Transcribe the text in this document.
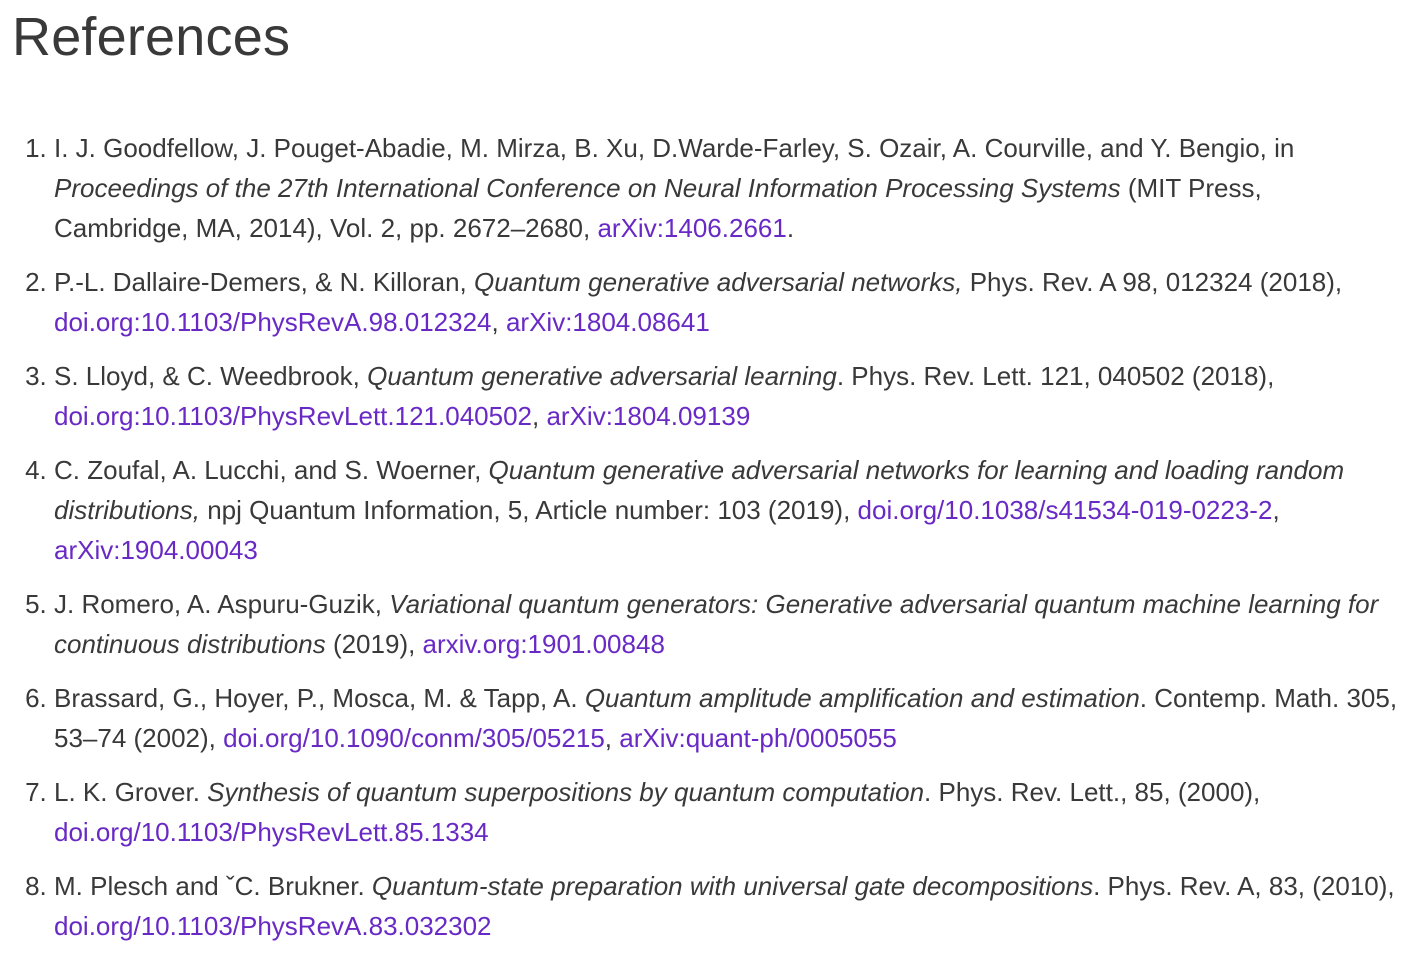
References
1. I. J. Goodfellow, J. Pouget-Abadie, M. Mirza, B. Xu, D.Warde-Farley, S. Ozair, A. Courville, and Y. Bengio, in Proceedings of the 27th International Conference on Neural Information Processing Systems (MIT Press, Cambridge, MA, 2014), Vol. 2, pp. 2672–2680, arXiv:1406.2661.
2. P.-L. Dallaire-Demers, & N. Killoran, Quantum generative adversarial networks, Phys. Rev. A 98, 012324 (2018), doi.org:10.1103/PhysRevA.98.012324, arXiv:1804.08641
3. S. Lloyd, & C. Weedbrook, Quantum generative adversarial learning. Phys. Rev. Lett. 121, 040502 (2018), doi.org:10.1103/PhysRevLett.121.040502, arXiv:1804.09139
4. C. Zoufal, A. Lucchi, and S. Woerner, Quantum generative adversarial networks for learning and loading random distributions, npj Quantum Information, 5, Article number: 103 (2019), doi.org/10.1038/s41534-019-0223-2, arXiv:1904.00043
5. J. Romero, A. Aspuru-Guzik, Variational quantum generators: Generative adversarial quantum machine learning for continuous distributions (2019), arxiv.org:1901.00848
6. Brassard, G., Hoyer, P., Mosca, M. & Tapp, A. Quantum amplitude amplification and estimation. Contemp. Math. 305, 53–74 (2002), doi.org/10.1090/conm/305/05215, arXiv:quant-ph/0005055
7. L. K. Grover. Synthesis of quantum superpositions by quantum computation. Phys. Rev. Lett., 85, (2000), doi.org/10.1103/PhysRevLett.85.1334
8. M. Plesch and ˇC. Brukner. Quantum-state preparation with universal gate decompositions. Phys. Rev. A, 83, (2010), doi.org/10.1103/PhysRevA.83.032302
